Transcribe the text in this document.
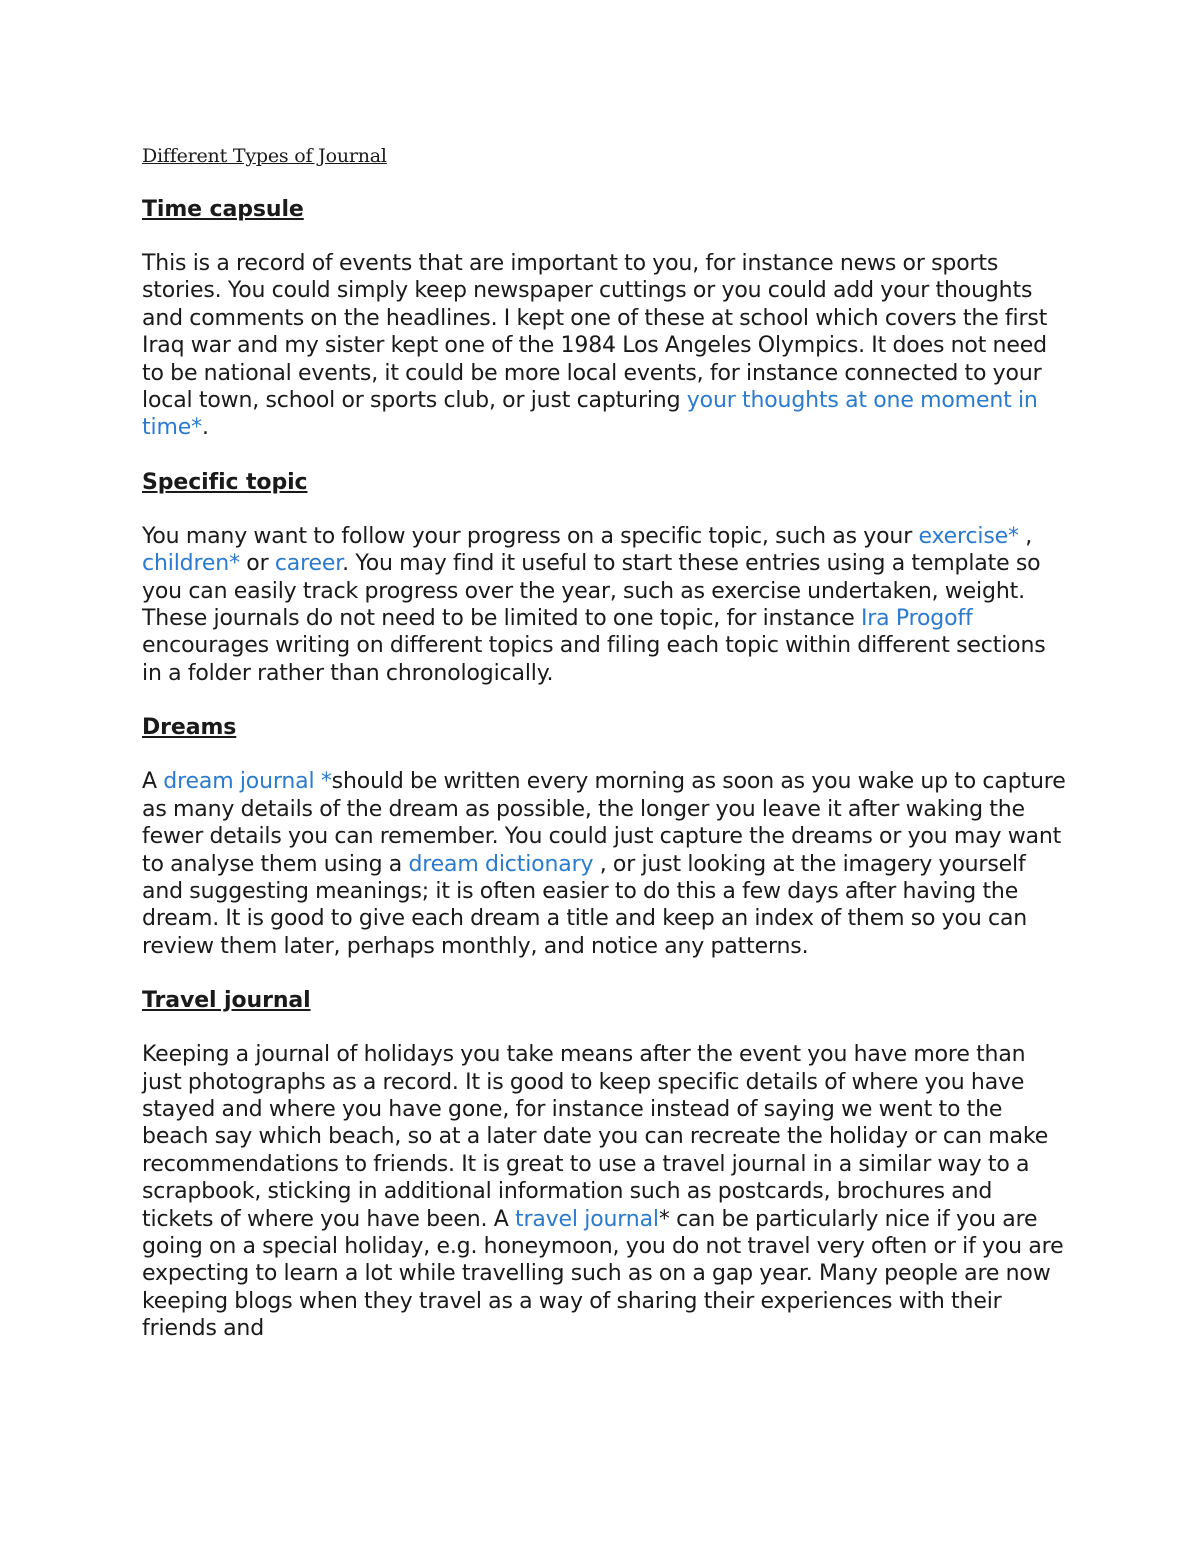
Different Types of Journal
Time capsule

This is a record of events that are important to you, for instance news or sports stories. You could simply keep newspaper cuttings or you could add your thoughts and comments on the headlines. I kept one of these at school which covers the first Iraq war and my sister kept one of the 1984 Los Angeles Olympics. It does not need to be national events, it could be more local events, for instance connected to your local town, school or sports club, or just capturing your thoughts at one moment in time*.

Specific topic

You many want to follow your progress on a specific topic, such as your exercise* , children* or career. You may find it useful to start these entries using a template so you can easily track progress over the year, such as exercise undertaken, weight. These journals do not need to be limited to one topic, for instance Ira Progoff encourages writing on different topics and filing each topic within different sections in a folder rather than chronologically.

Dreams

A dream journal *should be written every morning as soon as you wake up to capture as many details of the dream as possible, the longer you leave it after waking the fewer details you can remember. You could just capture the dreams or you may want to analyse them using a dream dictionary , or just looking at the imagery yourself and suggesting meanings; it is often easier to do this a few days after having the dream. It is good to give each dream a title and keep an index of them so you can review them later, perhaps monthly, and notice any patterns.

Travel journal

Keeping a journal of holidays you take means after the event you have more than just photographs as a record. It is good to keep specific details of where you have stayed and where you have gone, for instance instead of saying we went to the beach say which beach, so at a later date you can recreate the holiday or can make recommendations to friends. It is great to use a travel journal in a similar way to a scrapbook, sticking in additional information such as postcards, brochures and tickets of where you have been. A travel journal* can be particularly nice if you are going on a special holiday, e.g. honeymoon, you do not travel very often or if you are expecting to learn a lot while travelling such as on a gap year. Many people are now keeping blogs when they travel as a way of sharing their experiences with their friends and
